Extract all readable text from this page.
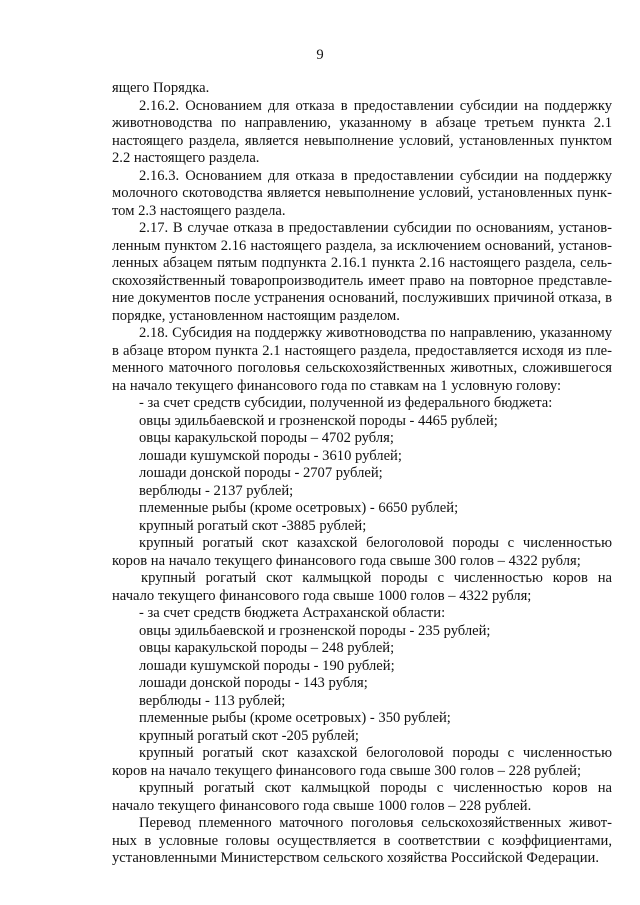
9
ящего Порядка.
2.16.2. Основанием для отказа в предоставлении субсидии на поддержку
животноводства по направлению, указанному в абзаце третьем пункта 2.1
настоящего раздела, является невыполнение условий, установленных пунктом
2.2 настоящего раздела.
2.16.3. Основанием для отказа в предоставлении субсидии на поддержку
молочного скотоводства является невыполнение условий, установленных пунк-
том 2.3 настоящего раздела.
2.17. В случае отказа в предоставлении субсидии по основаниям, установ-
ленным пунктом 2.16 настоящего раздела, за исключением оснований, установ-
ленных абзацем пятым подпункта 2.16.1 пункта 2.16 настоящего раздела, сель-
скохозяйственный товаропроизводитель имеет право на повторное представле-
ние документов после устранения оснований, послуживших причиной отказа, в
порядке, установленном настоящим разделом.
2.18. Субсидия на поддержку животноводства по направлению, указанному
в абзаце втором пункта 2.1 настоящего раздела, предоставляется исходя из пле-
менного маточного поголовья сельскохозяйственных животных, сложившегося
на начало текущего финансового года по ставкам на 1 условную голову:
- за счет средств субсидии, полученной из федерального бюджета:
овцы эдильбаевской и грозненской породы - 4465 рублей;
овцы каракульской породы – 4702 рубля;
лошади кушумской породы - 3610 рублей;
лошади донской породы - 2707 рублей;
верблюды - 2137 рублей;
племенные рыбы (кроме осетровых) - 6650 рублей;
крупный рогатый скот -3885 рублей;
крупный рогатый скот казахской белоголовой породы с численностью
коров на начало текущего финансового года свыше 300 голов – 4322 рубля;
крупный рогатый скот калмыцкой породы с численностью коров на
начало текущего финансового года свыше 1000 голов – 4322 рубля;
- за счет средств бюджета Астраханской области:
овцы эдильбаевской и грозненской породы - 235 рублей;
овцы каракульской породы – 248 рублей;
лошади кушумской породы - 190 рублей;
лошади донской породы - 143 рубля;
верблюды - 113 рублей;
племенные рыбы (кроме осетровых) - 350 рублей;
крупный рогатый скот -205 рублей;
крупный рогатый скот казахской белоголовой породы с численностью
коров на начало текущего финансового года свыше 300 голов – 228 рублей;
крупный рогатый скот калмыцкой породы с численностью коров на
начало текущего финансового года свыше 1000 голов – 228 рублей.
Перевод племенного маточного поголовья сельскохозяйственных живот-
ных в условные головы осуществляется в соответствии с коэффициентами,
установленными Министерством сельского хозяйства Российской Федерации.
